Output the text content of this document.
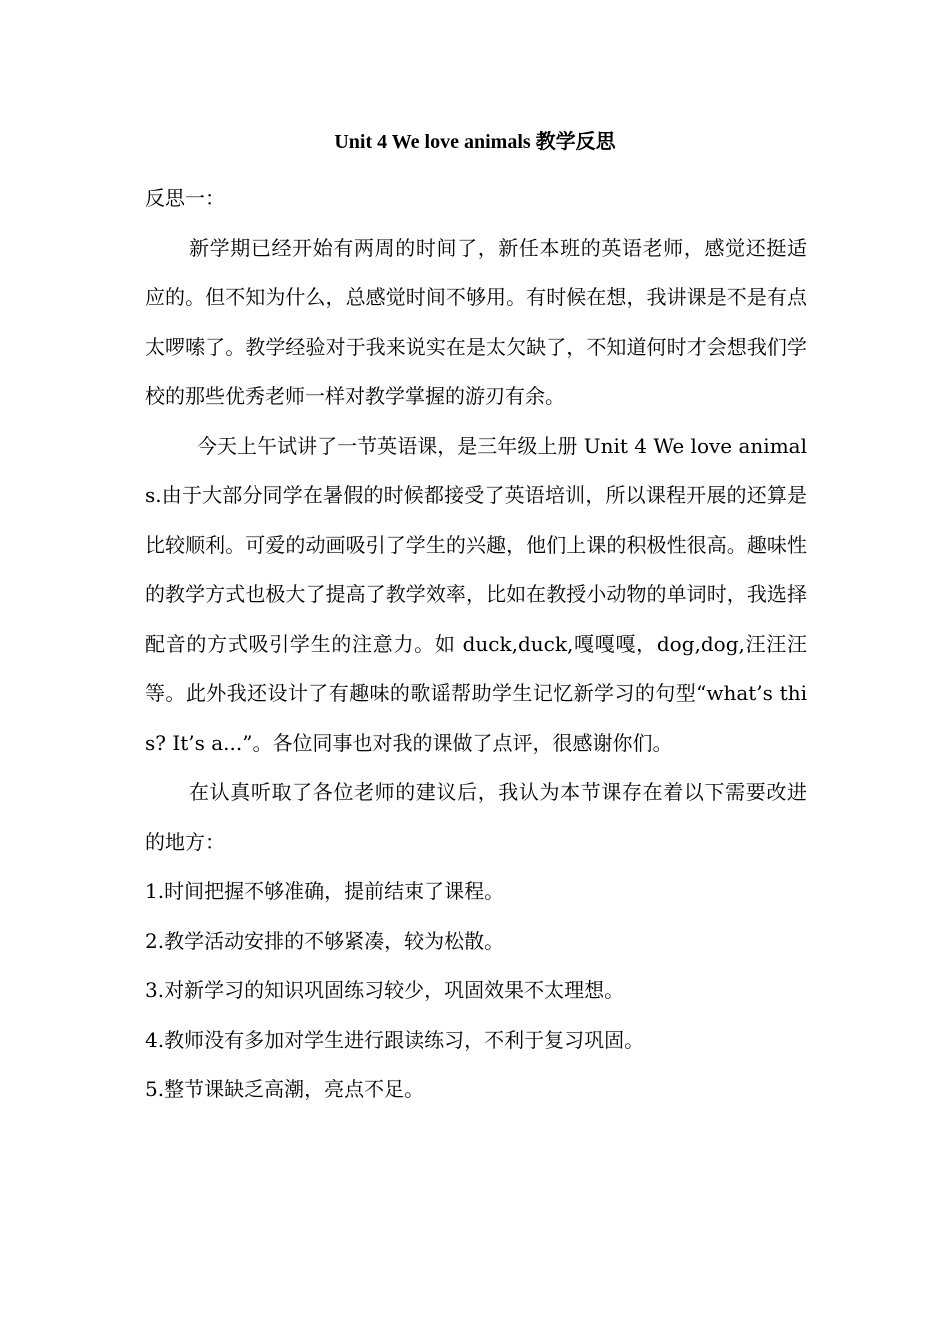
Unit 4 We love animals 教学反思

反思一：

新学期已经开始有两周的时间了，新任本班的英语老师，感觉还挺适应的。但不知为什么，总感觉时间不够用。有时候在想，我讲课是不是有点太啰嗦了。教学经验对于我来说实在是太欠缺了，不知道何时才会想我们学校的那些优秀老师一样对教学掌握的游刃有余。

今天上午试讲了一节英语课，是三年级上册 Unit 4 We love animals.由于大部分同学在暑假的时候都接受了英语培训，所以课程开展的还算是比较顺利。可爱的动画吸引了学生的兴趣，他们上课的积极性很高。趣味性的教学方式也极大了提高了教学效率，比如在教授小动物的单词时，我选择配音的方式吸引学生的注意力。如 duck,duck,嘎嘎嘎，dog,dog,汪汪汪等。此外我还设计了有趣味的歌谣帮助学生记忆新学习的句型“what’s this? It’s a...”。各位同事也对我的课做了点评，很感谢你们。

在认真听取了各位老师的建议后，我认为本节课存在着以下需要改进的地方：

1.时间把握不够准确，提前结束了课程。

2.教学活动安排的不够紧凑，较为松散。

3.对新学习的知识巩固练习较少，巩固效果不太理想。

4.教师没有多加对学生进行跟读练习，不利于复习巩固。

5.整节课缺乏高潮，亮点不足。
